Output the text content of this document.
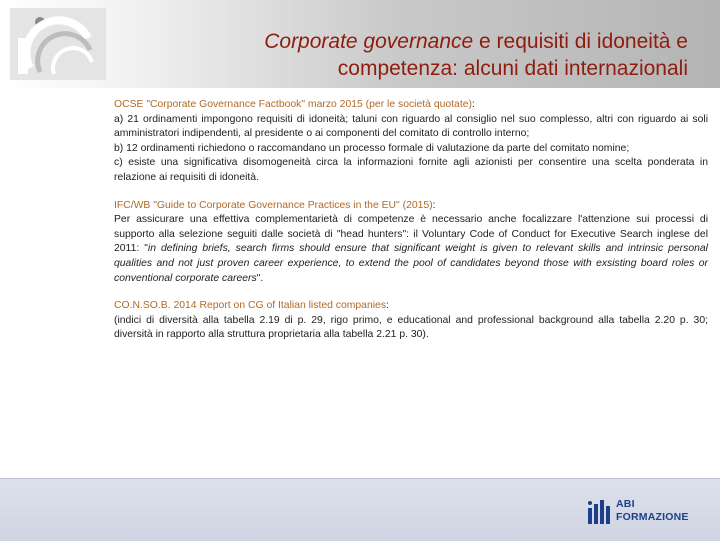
Corporate governance e requisiti di idoneità e
competenza: alcuni dati internazionali
OCSE "Corporate Governance Factbook" marzo 2015 (per le società quotate):

a) 21 ordinamenti impongono requisiti di idoneità; taluni con riguardo al consiglio nel suo complesso, altri con riguardo ai soli amministratori indipendenti, al presidente o ai componenti del comitato di controllo interno;

b) 12 ordinamenti richiedono o raccomandano un processo formale di valutazione da parte del comitato nomine;

c) esiste una significativa disomogeneità circa la informazioni fornite agli azionisti per consentire una scelta ponderata in relazione ai requisiti di idoneità.

IFC/WB "Guide to Corporate Governance Practices in the EU" (2015):

Per assicurare una effettiva complementarietà di competenze è necessario anche focalizzare l'attenzione sui processi di supporto alla selezione seguiti dalle società di "head hunters": il Voluntary Code of Conduct for Executive Search inglese del 2011: "in defining briefs, search firms should ensure that significant weight is given to relevant skills and intrinsic personal qualities and not just proven career experience, to extend the pool of candidates beyond those with exsisting board roles or conventional corporate careers".

CO.N.SO.B. 2014 Report on CG of Italian listed companies:

(indici di diversità alla tabella 2.19 di p. 29, rigo primo, e educational and professional background alla tabella 2.20 p. 30; diversità in rapporto alla struttura proprietaria alla tabella 2.21 p. 30).

ABI
FORMAZIONE
